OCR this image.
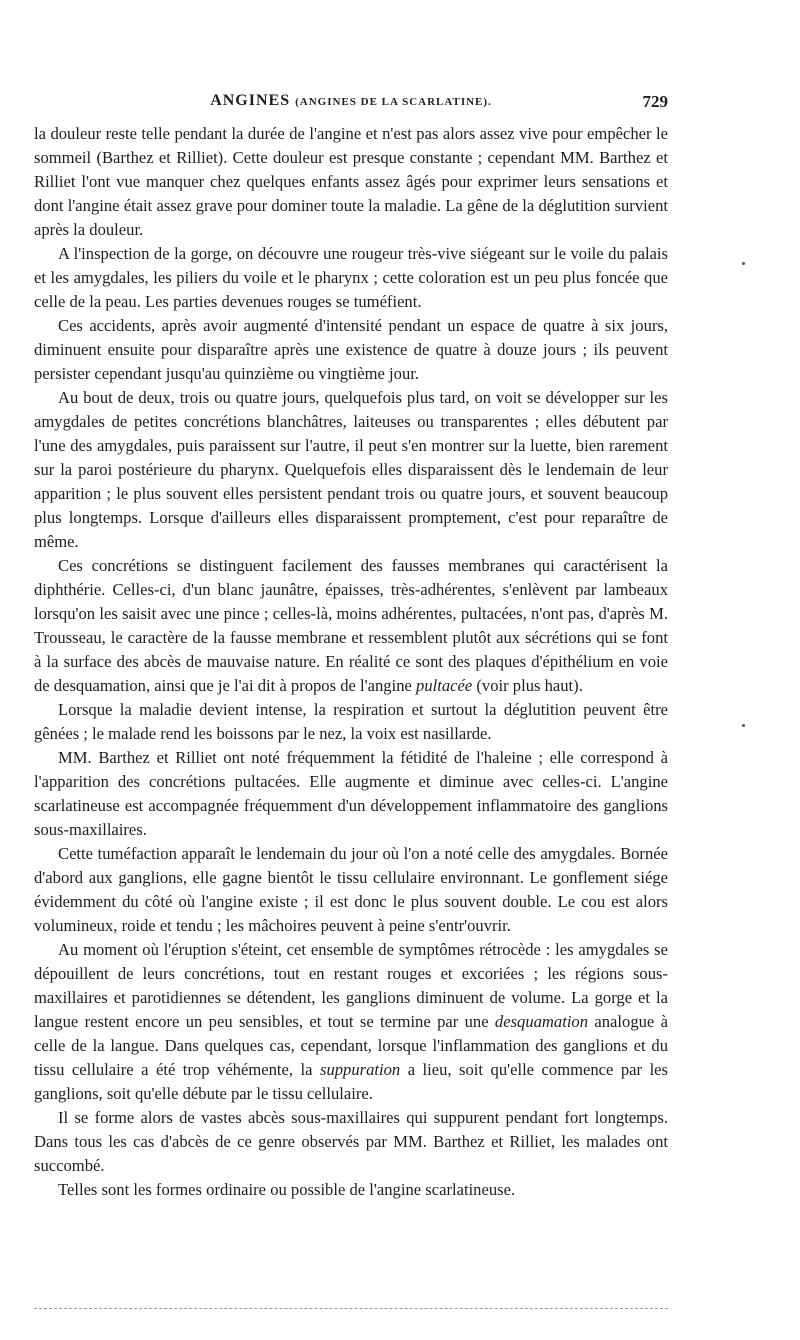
ANGINES (ANGINES DE LA SCARLATINE).	729

la douleur reste telle pendant la durée de l'angine et n'est pas alors assez vive pour empêcher le sommeil (Barthez et Rilliet). Cette douleur est presque constante ; cependant MM. Barthez et Rilliet l'ont vue manquer chez quelques enfants assez âgés pour exprimer leurs sensations et dont l'angine était assez grave pour dominer toute la maladie. La gêne de la déglutition survient après la douleur.

A l'inspection de la gorge, on découvre une rougeur très-vive siégeant sur le voile du palais et les amygdales, les piliers du voile et le pharynx ; cette coloration est un peu plus foncée que celle de la peau. Les parties devenues rouges se tuméfient.

Ces accidents, après avoir augmenté d'intensité pendant un espace de quatre à six jours, diminuent ensuite pour disparaître après une existence de quatre à douze jours ; ils peuvent persister cependant jusqu'au quinzième ou vingtième jour.

Au bout de deux, trois ou quatre jours, quelquefois plus tard, on voit se développer sur les amygdales de petites concrétions blanchâtres, laiteuses ou transparentes ; elles débutent par l'une des amygdales, puis paraissent sur l'autre, il peut s'en montrer sur la luette, bien rarement sur la paroi postérieure du pharynx. Quelquefois elles disparaissent dès le lendemain de leur apparition ; le plus souvent elles persistent pendant trois ou quatre jours, et souvent beaucoup plus longtemps. Lorsque d'ailleurs elles disparaissent promptement, c'est pour reparaître de même.

Ces concrétions se distinguent facilement des fausses membranes qui caractérisent la diphthérie. Celles-ci, d'un blanc jaunâtre, épaisses, très-adhérentes, s'enlèvent par lambeaux lorsqu'on les saisit avec une pince ; celles-là, moins adhérentes, pultacées, n'ont pas, d'après M. Trousseau, le caractère de la fausse membrane et ressemblent plutôt aux sécrétions qui se font à la surface des abcès de mauvaise nature. En réalité ce sont des plaques d'épithélium en voie de desquamation, ainsi que je l'ai dit à propos de l'angine pultacée (voir plus haut).

Lorsque la maladie devient intense, la respiration et surtout la déglutition peuvent être gênées ; le malade rend les boissons par le nez, la voix est nasillarde.

MM. Barthez et Rilliet ont noté fréquemment la fétidité de l'haleine ; elle correspond à l'apparition des concrétions pultacées. Elle augmente et diminue avec celles-ci. L'angine scarlatineuse est accompagnée fréquemment d'un développement inflammatoire des ganglions sous-maxillaires.

Cette tuméfaction apparaît le lendemain du jour où l'on a noté celle des amygdales. Bornée d'abord aux ganglions, elle gagne bientôt le tissu cellulaire environnant. Le gonflement siége évidemment du côté où l'angine existe ; il est donc le plus souvent double. Le cou est alors volumineux, roide et tendu ; les mâchoires peuvent à peine s'entr'ouvrir.

Au moment où l'éruption s'éteint, cet ensemble de symptômes rétrocède : les amygdales se dépouillent de leurs concrétions, tout en restant rouges et excoriées ; les régions sous-maxillaires et parotidiennes se détendent, les ganglions diminuent de volume. La gorge et la langue restent encore un peu sensibles, et tout se termine par une desquamation analogue à celle de la langue. Dans quelques cas, cependant, lorsque l'inflammation des ganglions et du tissu cellulaire a été trop véhémente, la suppuration a lieu, soit qu'elle commence par les ganglions, soit qu'elle débute par le tissu cellulaire.

Il se forme alors de vastes abcès sous-maxillaires qui suppurent pendant fort longtemps. Dans tous les cas d'abcès de ce genre observés par MM. Barthez et Rilliet, les malades ont succombé.

Telles sont les formes ordinaire ou possible de l'angine scarlatineuse.
